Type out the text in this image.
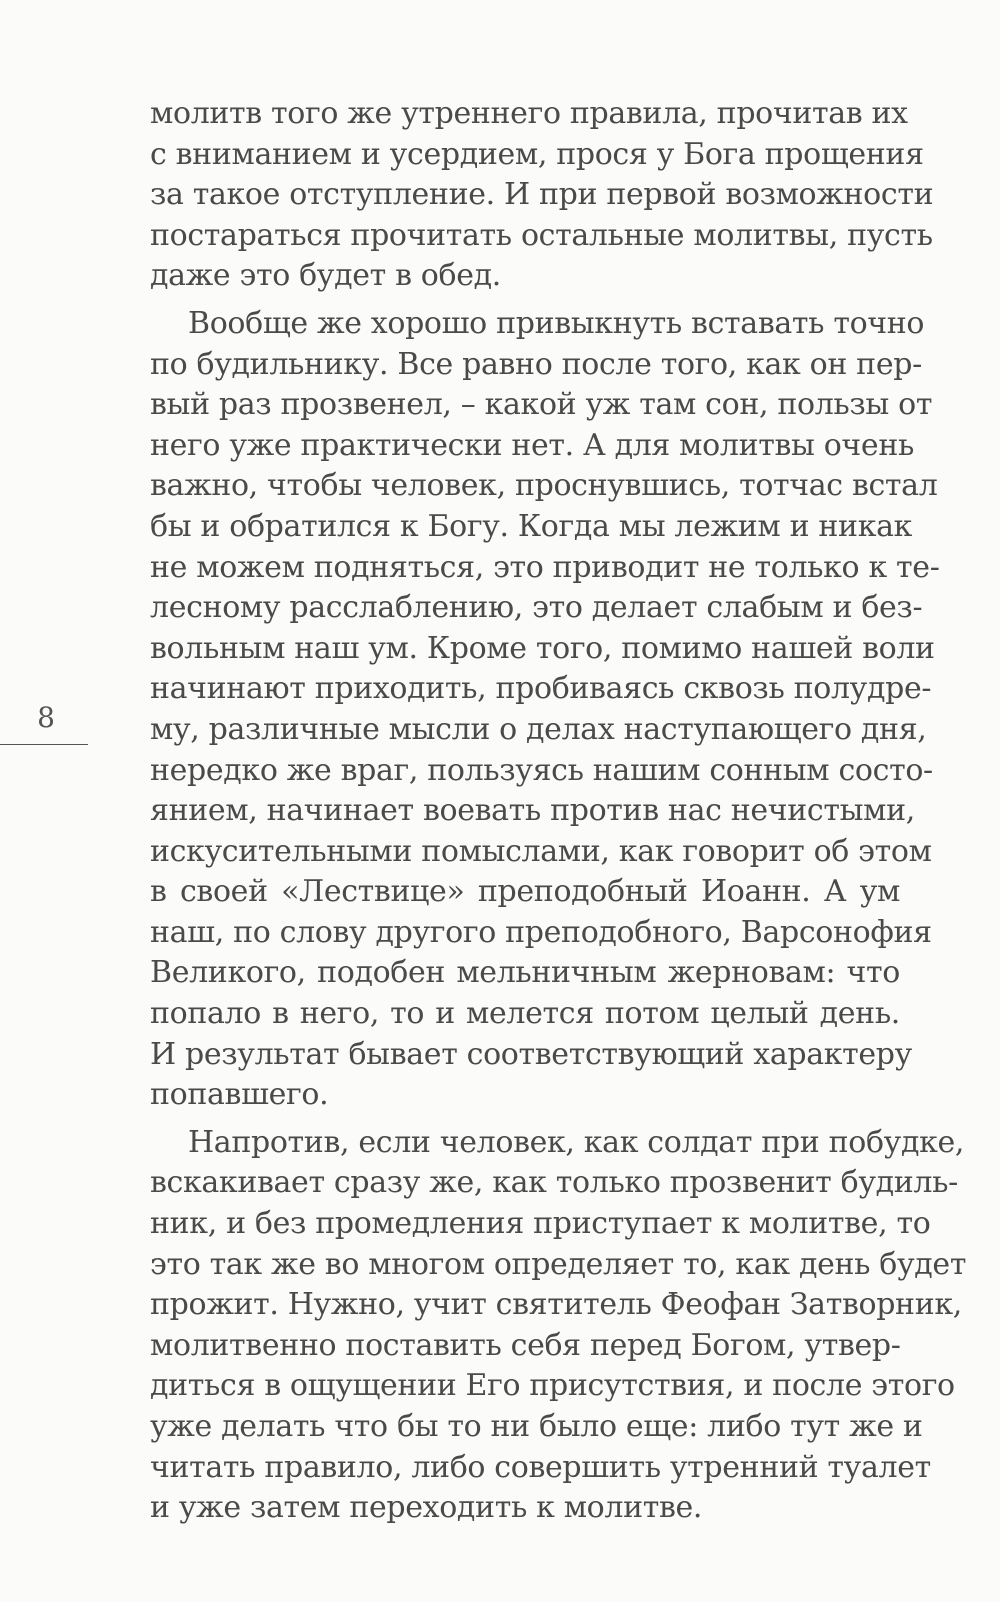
8
молитв того же утреннего правила, прочитав их
с вниманием и усердием, прося у Бога прощения
за такое отступление. И при первой возможности
постараться прочитать остальные молитвы, пусть
даже это будет в обед.
Вообще же хорошо привыкнуть вставать точно
по будильнику. Все равно после того, как он пер-
вый раз прозвенел, – какой уж там сон, пользы от
него уже практически нет. А для молитвы очень
важно, чтобы человек, проснувшись, тотчас встал
бы и обратился к Богу. Когда мы лежим и никак
не можем подняться, это приводит не только к те-
лесному расслаблению, это делает слабым и без-
вольным наш ум. Кроме того, помимо нашей воли
начинают приходить, пробиваясь сквозь полудре-
му, различные мысли о делах наступающего дня,
нередко же враг, пользуясь нашим сонным состо-
янием, начинает воевать против нас нечистыми,
искусительными помыслами, как говорит об этом
в своей «Лествице» преподобный Иоанн. А ум
наш, по слову другого преподобного, Варсонофия
Великого, подобен мельничным жерновам: что
попало в него, то и мелется потом целый день.
И результат бывает соответствующий характеру
попавшего.
Напротив, если человек, как солдат при побудке,
вскакивает сразу же, как только прозвенит будиль-
ник, и без промедления приступает к молитве, то
это так же во многом определяет то, как день будет
прожит. Нужно, учит святитель Феофан Затворник,
молитвенно поставить себя перед Богом, утвер-
диться в ощущении Его присутствия, и после этого
уже делать что бы то ни было еще: либо тут же и
читать правило, либо совершить утренний туалет
и уже затем переходить к молитве.
